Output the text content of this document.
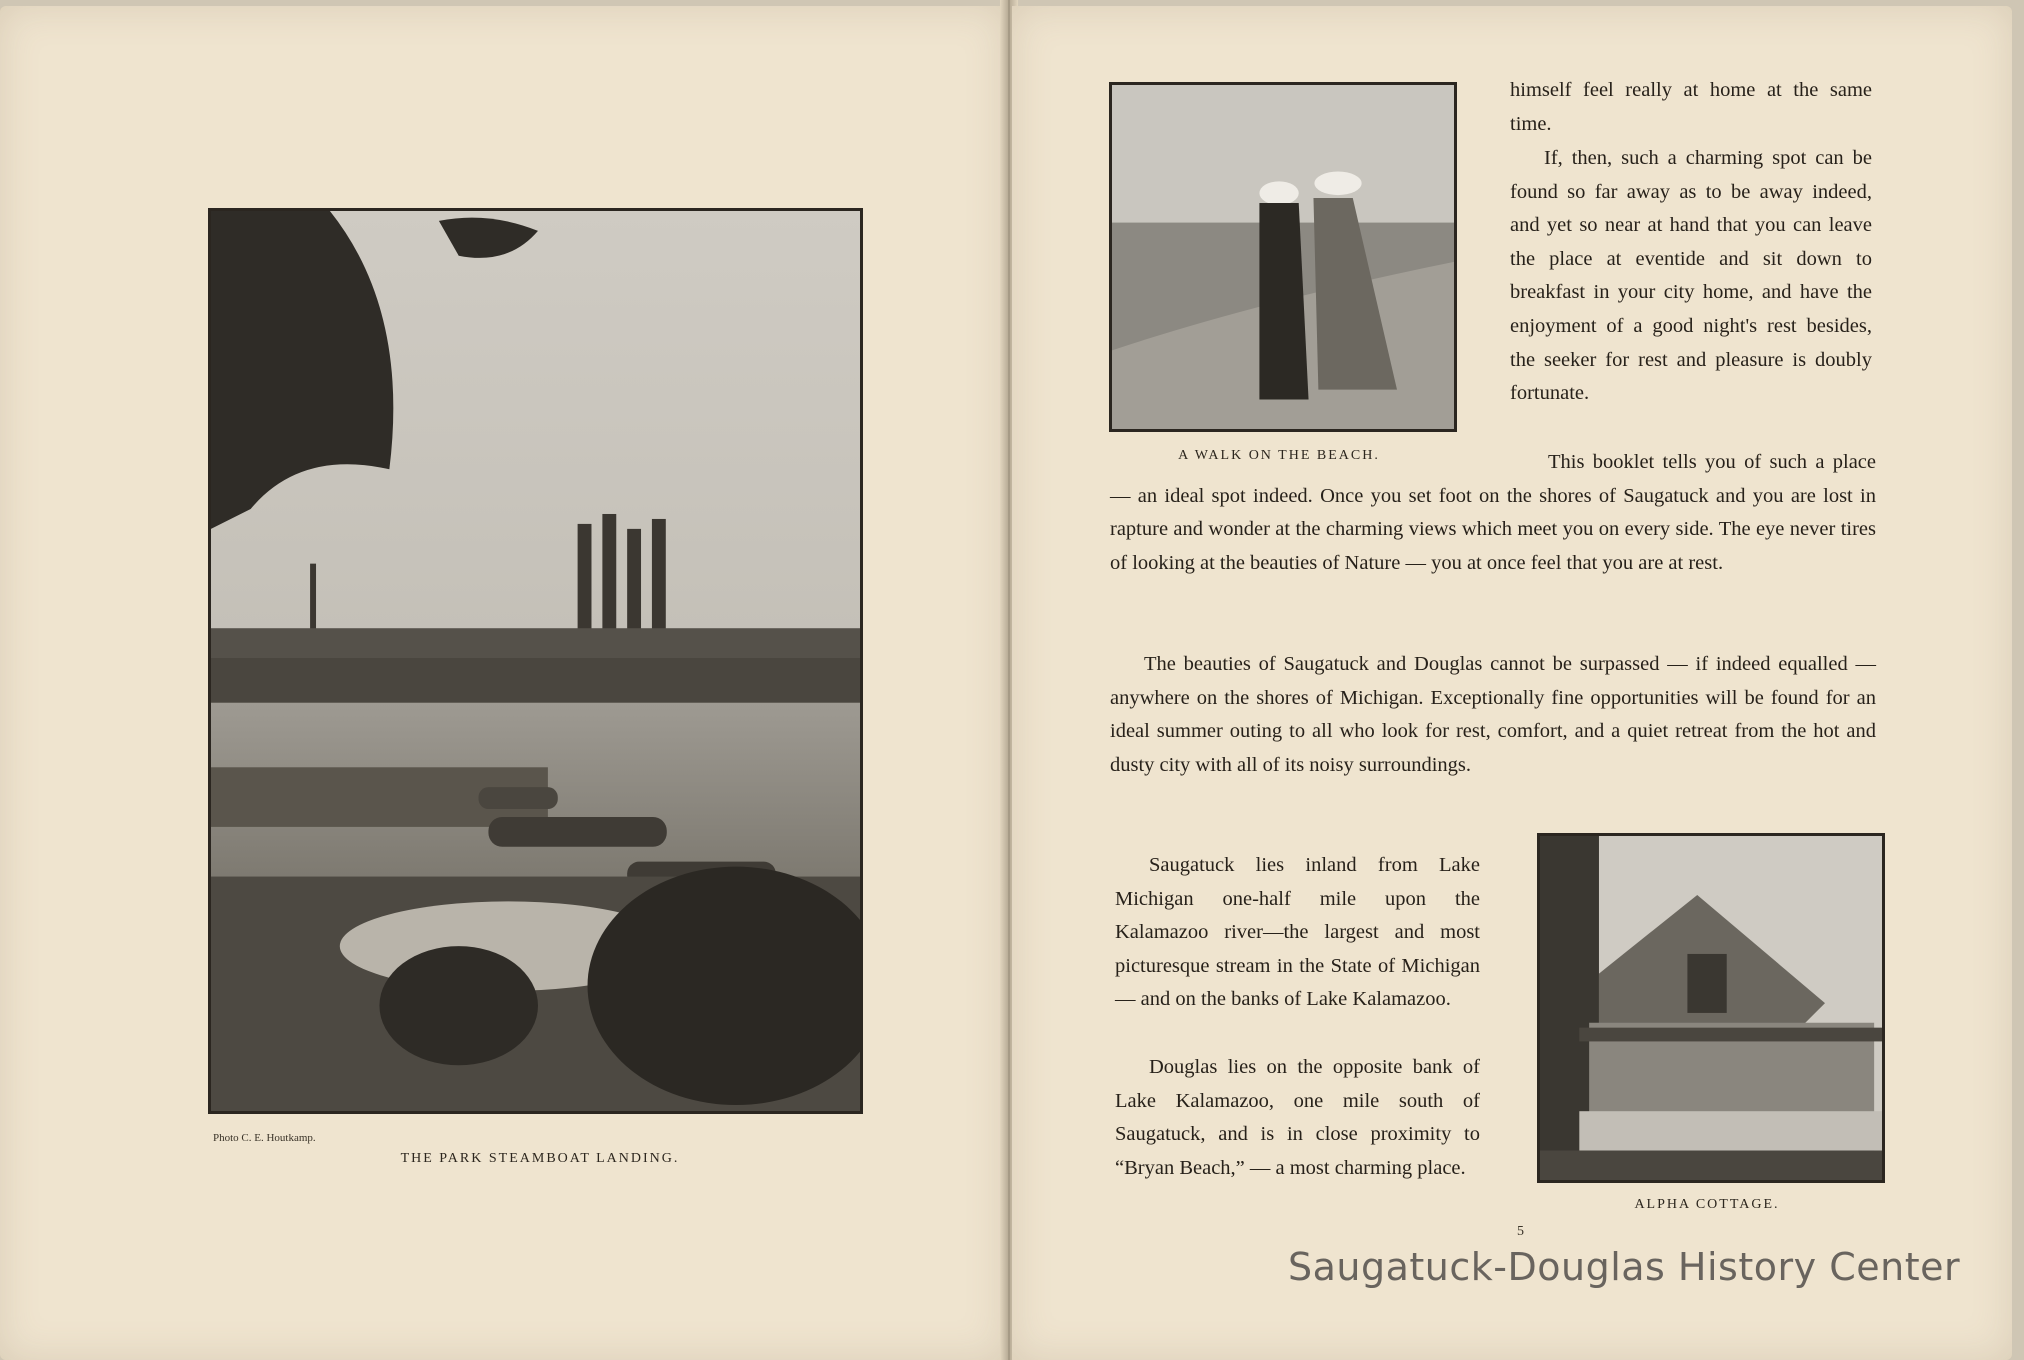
Photo C. E. Houtkamp.
THE PARK STEAMBOAT LANDING.
A WALK ON THE BEACH.
himself feel really at home at the same time.
If, then, such a charming spot can be found so far away as to be away indeed, and yet so near at hand that you can leave the place at eventide and sit down to breakfast in your city home, and have the enjoyment of a good night's rest besides, the seeker for rest and pleasure is doubly fortunate.
This booklet tells you of such a place — an ideal spot indeed. Once you set foot on the shores of Saugatuck and you are lost in rapture and wonder at the charming views which meet you on every side. The eye never tires of looking at the beauties of Nature — you at once feel that you are at rest.
The beauties of Saugatuck and Douglas cannot be surpassed — if indeed equalled — anywhere on the shores of Michigan. Exceptionally fine opportunities will be found for an ideal summer outing to all who look for rest, comfort, and a quiet retreat from the hot and dusty city with all of its noisy surroundings.
Saugatuck lies inland from Lake Michigan one-half mile upon the Kalamazoo river—the largest and most picturesque stream in the State of Michigan — and on the banks of Lake Kalamazoo.
Douglas lies on the opposite bank of Lake Kalamazoo, one mile south of Saugatuck, and is in close proximity to “Bryan Beach,” — a most charming place.
ALPHA COTTAGE.
5
Saugatuck-Douglas History Center
